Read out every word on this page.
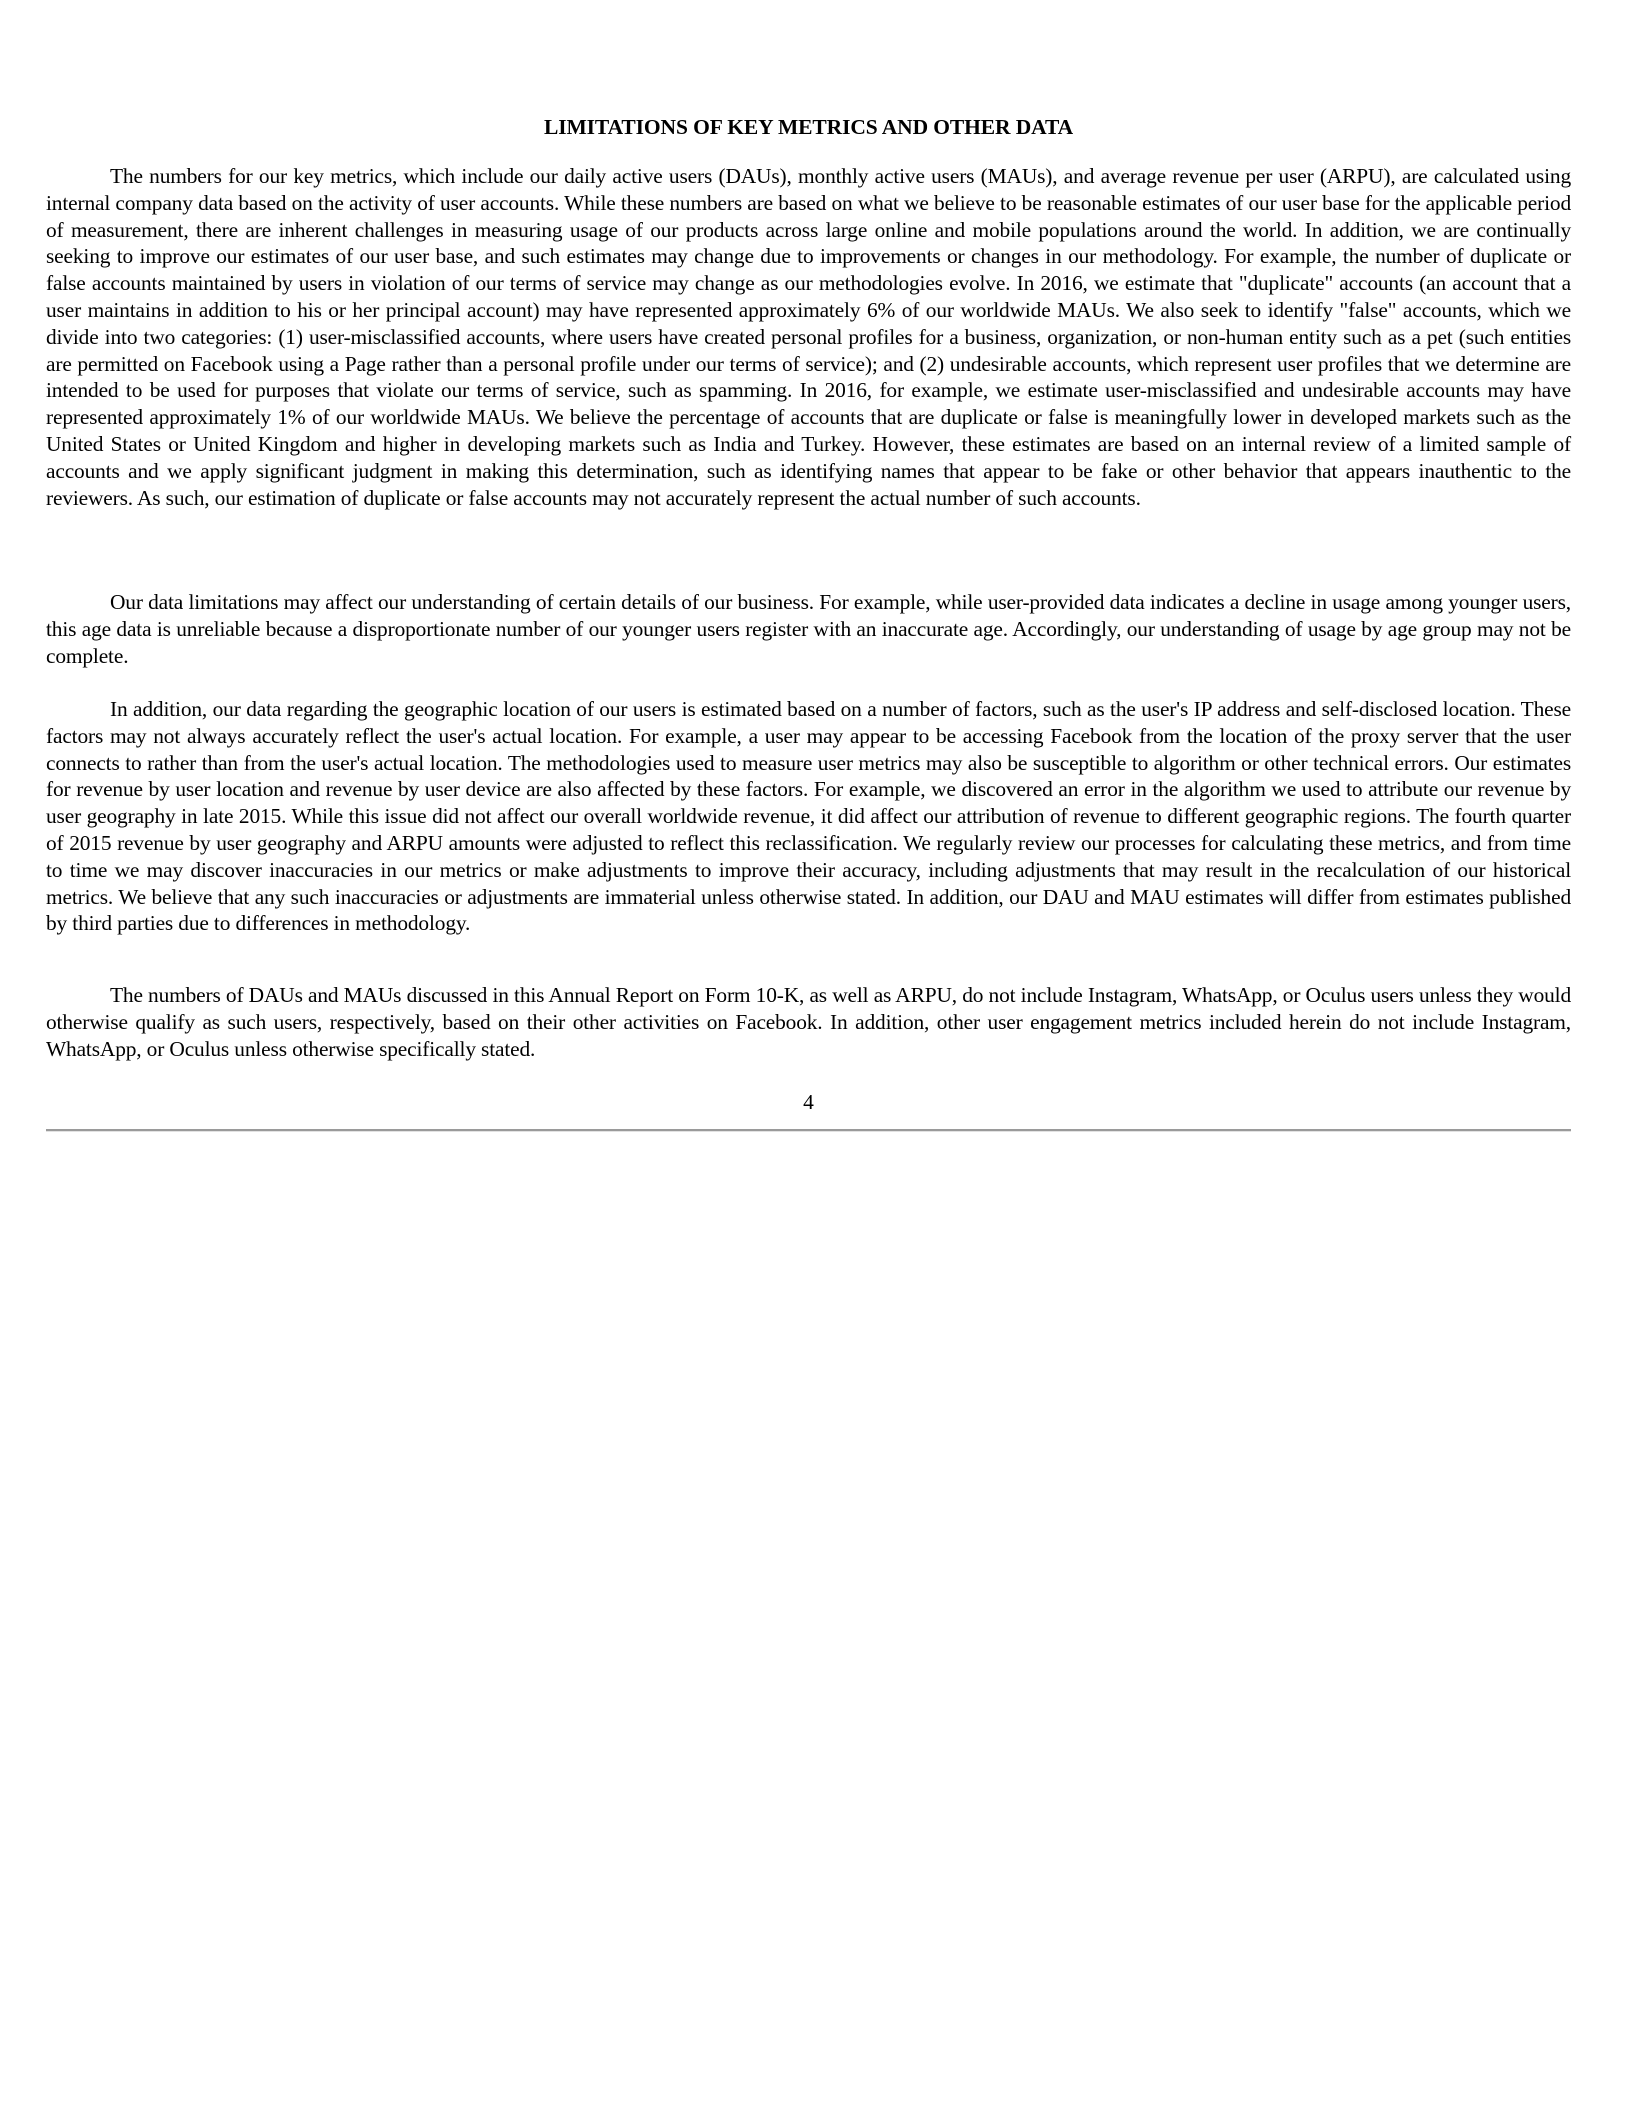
LIMITATIONS OF KEY METRICS AND OTHER DATA

The numbers for our key metrics, which include our daily active users (DAUs), monthly active users (MAUs), and average revenue per user (ARPU), are calculated using internal company data based on the activity of user accounts. While these numbers are based on what we believe to be reasonable estimates of our user base for the applicable period of measurement, there are inherent challenges in measuring usage of our products across large online and mobile populations around the world. In addition, we are continually seeking to improve our estimates of our user base, and such estimates may change due to improvements or changes in our methodology. For example, the number of duplicate or false accounts maintained by users in violation of our terms of service may change as our methodologies evolve. In 2016, we estimate that "duplicate" accounts (an account that a user maintains in addition to his or her principal account) may have represented approximately 6% of our worldwide MAUs. We also seek to identify "false" accounts, which we divide into two categories: (1) user-misclassified accounts, where users have created personal profiles for a business, organization, or non-human entity such as a pet (such entities are permitted on Facebook using a Page rather than a personal profile under our terms of service); and (2) undesirable accounts, which represent user profiles that we determine are intended to be used for purposes that violate our terms of service, such as spamming. In 2016, for example, we estimate user-misclassified and undesirable accounts may have represented approximately 1% of our worldwide MAUs. We believe the percentage of accounts that are duplicate or false is meaningfully lower in developed markets such as the United States or United Kingdom and higher in developing markets such as India and Turkey. However, these estimates are based on an internal review of a limited sample of accounts and we apply significant judgment in making this determination, such as identifying names that appear to be fake or other behavior that appears inauthentic to the reviewers. As such, our estimation of duplicate or false accounts may not accurately represent the actual number of such accounts.

Our data limitations may affect our understanding of certain details of our business. For example, while user-provided data indicates a decline in usage among younger users, this age data is unreliable because a disproportionate number of our younger users register with an inaccurate age. Accordingly, our understanding of usage by age group may not be complete.

In addition, our data regarding the geographic location of our users is estimated based on a number of factors, such as the user's IP address and self-disclosed location. These factors may not always accurately reflect the user's actual location. For example, a user may appear to be accessing Facebook from the location of the proxy server that the user connects to rather than from the user's actual location. The methodologies used to measure user metrics may also be susceptible to algorithm or other technical errors. Our estimates for revenue by user location and revenue by user device are also affected by these factors. For example, we discovered an error in the algorithm we used to attribute our revenue by user geography in late 2015. While this issue did not affect our overall worldwide revenue, it did affect our attribution of revenue to different geographic regions. The fourth quarter of 2015 revenue by user geography and ARPU amounts were adjusted to reflect this reclassification. We regularly review our processes for calculating these metrics, and from time to time we may discover inaccuracies in our metrics or make adjustments to improve their accuracy, including adjustments that may result in the recalculation of our historical metrics. We believe that any such inaccuracies or adjustments are immaterial unless otherwise stated. In addition, our DAU and MAU estimates will differ from estimates published by third parties due to differences in methodology.

The numbers of DAUs and MAUs discussed in this Annual Report on Form 10-K, as well as ARPU, do not include Instagram, WhatsApp, or Oculus users unless they would otherwise qualify as such users, respectively, based on their other activities on Facebook. In addition, other user engagement metrics included herein do not include Instagram, WhatsApp, or Oculus unless otherwise specifically stated.

4
